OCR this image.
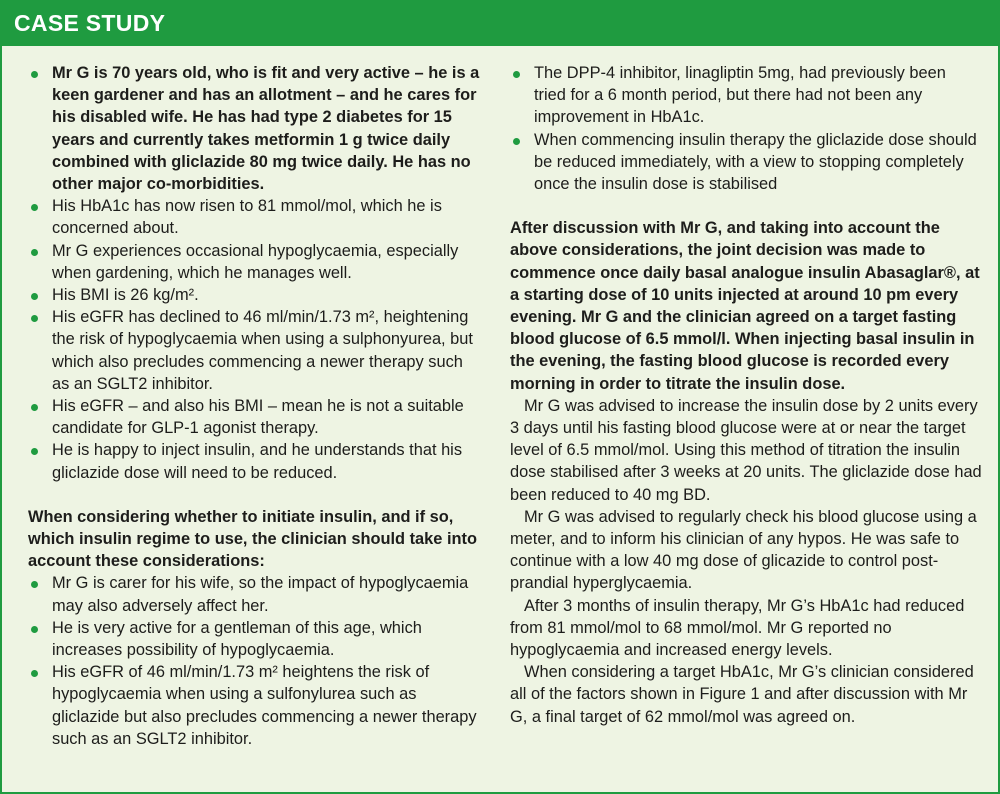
CASE STUDY
Mr G is 70 years old, who is fit and very active – he is a keen gardener and has an allotment – and he cares for his disabled wife. He has had type 2 diabetes for 15 years and currently takes metformin 1 g twice daily combined with gliclazide 80 mg twice daily. He has no other major co-morbidities.
His HbA1c has now risen to 81 mmol/mol, which he is concerned about.
Mr G experiences occasional hypoglycaemia, especially when gardening, which he manages well.
His BMI is 26 kg/m².
His eGFR has declined to 46 ml/min/1.73 m², heightening the risk of hypoglycaemia when using a sulphonyurea, but which also precludes commencing a newer therapy such as an SGLT2 inhibitor.
His eGFR – and also his BMI – mean he is not a suitable candidate for GLP-1 agonist therapy.
He is happy to inject insulin, and he understands that his gliclazide dose will need to be reduced.

When considering whether to initiate insulin, and if so, which insulin regime to use, the clinician should take into account these considerations:

Mr G is carer for his wife, so the impact of hypoglycaemia may also adversely affect her.
He is very active for a gentleman of this age, which increases possibility of hypoglycaemia.
His eGFR of 46 ml/min/1.73 m² heightens the risk of hypoglycaemia when using a sulfonylurea such as gliclazide but also precludes commencing a newer therapy such as an SGLT2 inhibitor.
The DPP-4 inhibitor, linagliptin 5mg, had previously been tried for a 6 month period, but there had not been any improvement in HbA1c.
When commencing insulin therapy the gliclazide dose should be reduced immediately, with a view to stopping completely once the insulin dose is stabilised

After discussion with Mr G, and taking into account the above considerations, the joint decision was made to commence once daily basal analogue insulin Abasaglar®, at a starting dose of 10 units injected at around 10 pm every evening. Mr G and the clinician agreed on a target fasting blood glucose of 6.5 mmol/l. When injecting basal insulin in the evening, the fasting blood glucose is recorded every morning in order to titrate the insulin dose.

Mr G was advised to increase the insulin dose by 2 units every 3 days until his fasting blood glucose were at or near the target level of 6.5 mmol/mol. Using this method of titration the insulin dose stabilised after 3 weeks at 20 units. The gliclazide dose had been reduced to 40 mg BD.

Mr G was advised to regularly check his blood glucose using a meter, and to inform his clinician of any hypos. He was safe to continue with a low 40 mg dose of glicazide to control post-prandial hyperglycaemia.

After 3 months of insulin therapy, Mr G’s HbA1c had reduced from 81 mmol/mol to 68 mmol/mol. Mr G reported no hypoglycaemia and increased energy levels.

When considering a target HbA1c, Mr G’s clinician considered all of the factors shown in Figure 1 and after discussion with Mr G, a final target of 62 mmol/mol was agreed on.
